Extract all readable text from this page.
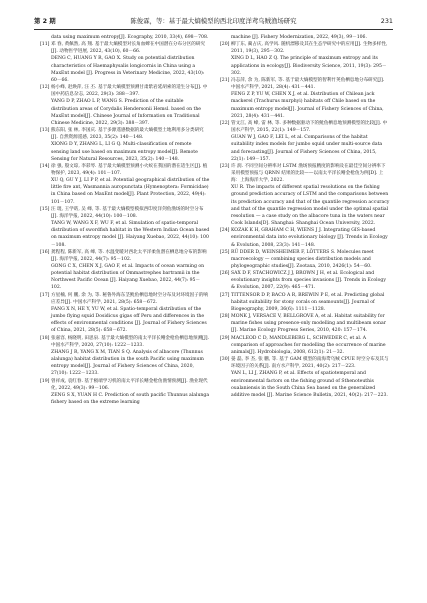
第 2 期	陈俊霖，等：基于最大熵模型的西北印度洋鸢乌贼渔场研究	231
data using maximum entropy[J]. Ecography, 2010, 33(4), 698－708.
[11] 邓 春, 黄佩然, 高 翔. 基于最大熵模型对长角血蜱在中国潜在分布分区的研究[J]. 动物医学进展, 2022, 43(10), 60－66.
DENG C, HUANG Y R, GAO X. Study on potential distribution characteristics of Haemaphysalis longicornis in China using a MaxEnt model [J]. Progress in Veterinary Medicine, 2022, 43(10): 60－66.
[12] 杨小峰, 赵焕萍, 汪 丕. 基于最大熵模型预测甘肃紫岩延胡索的适生分布[J]. 中国中药信息杂志, 2022, 29(3): 388－397.
YANG D P, ZHAO L P, WANG S. Prediction of the suitable distribution areas of Corydalis Hendersonii Hemsl. based on the MaxEnt model[J]. Chinese Journal of Information on Traditional Chinese Medicine, 2022, 29(3): 388－397.
[13] 熊东阳, 张 林, 李国庆. 基于多源遥感数据的最大熵模型土地利用多分类研究[J]. 自然资源遥感, 2023, 35(2): 140－148.
XIONG D Y, ZHANG L, LI G Q. Multi-classification of remote sensing land use based on maximum entropy model[J]. Remote Sensing for Natural Resources, 2023, 35(2): 140－148.
[14] 徐 强, 殷文琼, 李彩琴. 基于最大熵模型预测小火蚁在我国的潜在适生区[J]. 植物保护, 2023, 49(4): 101－107.
XU Q, GU Y J, LI P P, et al. Potential geographical distribution of the little fire ant, Wasmannia auropunctata (Hymenoptera: Formicidae) in China based on MaxEnt model[J]. Plant Protection, 2022, 49(4): 101－107.
[15] 汪 琨, 王学昉, 吴 峰, 等. 基于最大熵模型模拟西印度洋剑鱼渔场的时空分布[J]. 海洋学报, 2022, 44(10): 100－108.
TANG W, WANG X F, WU F, et al. Simulation of spatio-temporal distribution of swordfish habitat in the Western Indian Ocean based on maximum entropy model [J]. Haiyang Xuebao, 2022, 44(10): 100－108.
[16] 龚程程, 陈新军, 高 峰, 等. 水温变暖对西北太平洋柔鱼潜在栖息地分布的影响[J]. 海洋学报, 2022, 44(7): 95－102.
GONG C X, CHEN X J, GAO F, et al. Impacts of ocean warming on potential habitat distribution of Ommastrephes bartramii in the Northwest Pacific Ocean [J]. Haiyang Xuebao, 2022, 44(7): 95－102.
[17] 方星楠, 何 鹏, 余 为, 等. 秘鲁外海东茎鱿鱼栖息地时空分布及对环境因子的响应差异[J]. 中国水产科学, 2021, 28(5): 658－672.
FANG X N, HE Y, YU W, et al. Spatio-temporal distribution of the jumbo flying squid Dosidicus gigas off Peru and differences in the effects of environmental conditions [J]. Journal of Fishery Sciences of China, 2021, 28(5): 658－672.
[18] 张嘉容, 杨晓明, 田思泉. 基于最大熵模型的南太平洋长鳍金枪鱼栖息地预测[J]. 中国水产科学, 2020, 27(10): 1222－1233.
ZHANG J R, YANG X M, TIAN S Q. Analysis of albacore (Thunnus alalunga) habitat distribution in the south Pacific using maximum entropy model[J]. Journal of Fishery Sciences of China, 2020, 27(10): 1222－1233.
[19] 曾祥成, 袁红春. 基于极端学习机的南太平洋长鳍金枪鱼渔情预测[J]. 渔业现代化, 2022, 49(3): 99－106.
ZENG S X, YUAN H C. Prediction of south pacific Thunnus alalunga fishery based on the extreme learning
machine [J]. Fishery Modernization, 2022, 49(3), 99－106.
[20] 柳丁东, 蔺占庆, 高学风. 随机漂移及其在生态学研究中的应用[J]. 生物多样性, 2011, 19(3), 295－302.
XING D L, HAO Z Q. The principle of maximum entropy and its applications in ecology[J]. Biodiversity Science, 2011, 19(3): 295－302.
[21] 冯志萍, 余 为, 陈新军, 等. 基于最大熵模型的智利竹荚鱼栖息地分布研究[J]. 中国水产科学, 2021, 28(4): 431－441.
FENG Z P, YU W, CHEN X J, et al. Distribution of Chilean jack mackerel (Trachurus murphyi) habitats off Chile based on the maximum entropy model[J]. Journal of Fishery Sciences of China, 2021, 28(4): 431－441.
[22] 管文江, 高 峰, 雷 林, 等. 多种数据驱动下的鱿鱼栖息地预测模型的比较[J]. 中国水产科学, 2015, 22(1): 149－157.
GUAN W J, GAO F, LEI L, et al. Comparisons of the habitat suitability index models for jumbo squid under multi-source data and forecasting[J]. Journal of Fishery Sciences of China, 2015, 22(1): 149－157.
[23] 许 润. 不同空间分辨率对 LSTM 渔场预报精度的影响及在最佳空间分辨率下采用模型预报与 QRNN 结果的比较——以南太平洋长鳍金枪鱼为例[D]. 上海：上海海洋大学, 2022.
XU R. The impacts of different spatial resolutions on the fishing ground prediction accuracy of LSTM and the comparisons between its prediction accuracy and that of the quantile regression accuracy and that of the quantile regression model under the optimal spatial resolution — a case study on the albacore tuna in the waters near Cook Islands[D]. Shanghai: Shanghai Ocean University, 2022.
[24] KOZAK K H, GRAHAM C H, WIENS J J. Integrating GIS-based environmental data into evolutionary biology [J]. Trends in Ecology & Evolution, 2008, 23(3): 141－148.
[25] RÜ DDER D, WEINSHEIMER F, LÖTTERS S. Molecules meet macroecology — combining species distribution models and phylogeographic studies[J]. Zootaxa, 2010, 2426(1): 54－60.
[26] SAX D F, STACHOWICZ J J, BROWN J H, et al. Ecological and evolutionary insights from species invasions [J]. Trends in Ecology & Evolution, 2007, 22(9): 465－471.
[27] TITTENSOR D P, BACO A R, BREWIN P E, et al. Predicting global habitat suitability for stony corals on seamounts[J]. Journal of Biogeography, 2009, 36(6): 1111－1128.
[28] MONK J, VERSACE V, BELLGROVE A, et al. Habitat suitability for marine fishes using presence-only modelling and multibeam sonar [J]. Marine Ecology Progress Series, 2010, 420: 157－174.
[29] MACLEOD C D, MANDLEBERG L, SCHWEDER C, et al. A comparison of approaches for modelling the occurrence of marine animals[J]. Hydrobiologia, 2008, 612(1): 21－32.
[30] 晏 磊, 李 杰, 张 鹏, 等. 基于 GAM 模型的南海鸢乌贼 CPUE 时空分布及其与环境因子的关系[J]. 南方水产科学, 2021, 40(2): 217－223.
YAN L, LI J, ZHANG P, et al. Effects of spatiotemporal and environmental factors on the fishing ground of Sthenoteuthis oualaniensis in the South China Sea based on the generalized additive model [J]. Marine Science Bulletin, 2021, 40(2): 217－223.
